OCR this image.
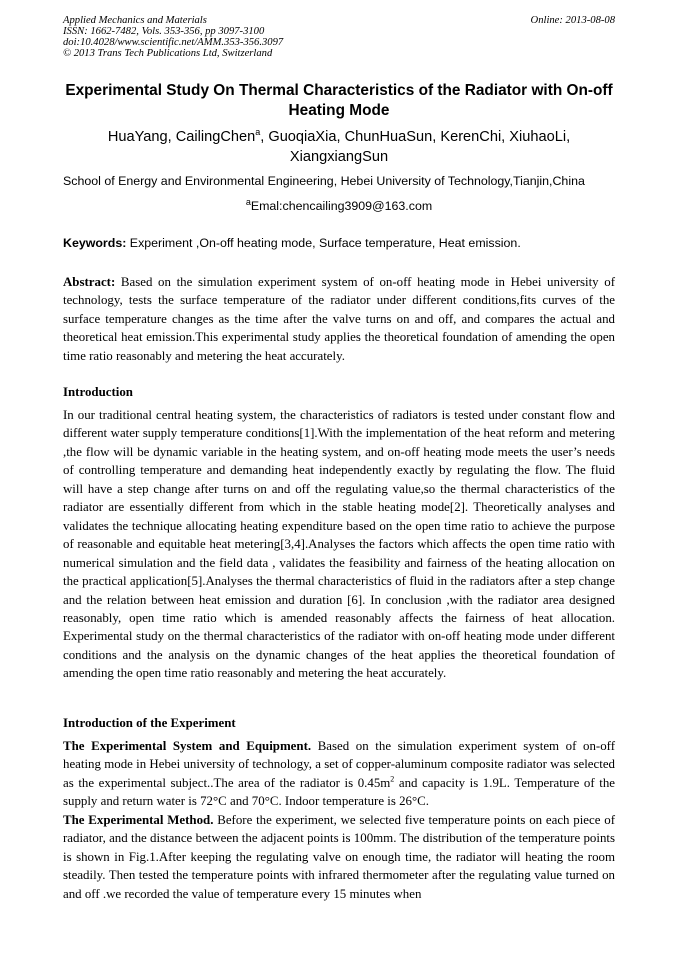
Applied Mechanics and Materials	Online: 2013-08-08
ISSN: 1662-7482, Vols. 353-356, pp 3097-3100
doi:10.4028/www.scientific.net/AMM.353-356.3097
© 2013 Trans Tech Publications Ltd, Switzerland
Experimental Study On Thermal Characteristics of the Radiator with On-off Heating Mode
HuaYang, CailingChen$^a$, GuoqiaXia, ChunHuaSun, KerenChi, XiuhaoLi, XiangxiangSun
School of Energy and Environmental Engineering, Hebei University of Technology,Tianjin,China
$^a$Emal:chencailing3909@163.com
Keywords: Experiment ,On-off heating mode, Surface temperature, Heat emission.
Abstract: Based on the simulation experiment system of on-off heating mode in Hebei university of technology, tests the surface temperature of the radiator under different conditions,fits curves of the surface temperature changes as the time after the valve turns on and off, and compares the actual and theoretical heat emission.This experimental study applies the theoretical foundation of amending the open time ratio reasonably and metering the heat accurately.
Introduction
In our traditional central heating system, the characteristics of radiators is tested under constant flow and different water supply temperature conditions[1].With the implementation of the heat reform and metering ,the flow will be dynamic variable in the heating system, and on-off heating mode meets the user’s needs of controlling temperature and demanding heat independently exactly by regulating the flow. The fluid will have a step change after turns on and off the regulating value,so the thermal characteristics of the radiator are essentially different from which in the stable heating mode[2]. Theoretically analyses and validates the technique allocating heating expenditure based on the open time ratio to achieve the purpose of reasonable and equitable heat metering[3,4].Analyses the factors which affects the open time ratio with numerical simulation and the field data , validates the feasibility and fairness of the heating allocation on the practical application[5].Analyses the thermal characteristics of fluid in the radiators after a step change and the relation between heat emission and duration [6]. In conclusion ,with the radiator area designed reasonably, open time ratio which is amended reasonably affects the fairness of heat allocation. Experimental study on the thermal characteristics of the radiator with on-off heating mode under different conditions and the analysis on the dynamic changes of the heat applies the theoretical foundation of amending the open time ratio reasonably and metering the heat accurately.
Introduction of the Experiment
The Experimental System and Equipment. Based on the simulation experiment system of on-off heating mode in Hebei university of technology, a set of copper-aluminum composite radiator was selected as the experimental subject..The area of the radiator is $0.45m^2$ and capacity is 1.9L. Temperature of the supply and return water is 72°C and 70°C. Indoor temperature is 26°C.
The Experimental Method. Before the experiment, we selected five temperature points on each piece of radiator, and the distance between the adjacent points is 100mm. The distribution of the temperature points is shown in Fig.1.After keeping the regulating valve on enough time, the radiator will heating the room steadily. Then tested the temperature points with infrared thermometer after the regulating value turned on and off .we recorded the value of temperature every 15 minutes when
